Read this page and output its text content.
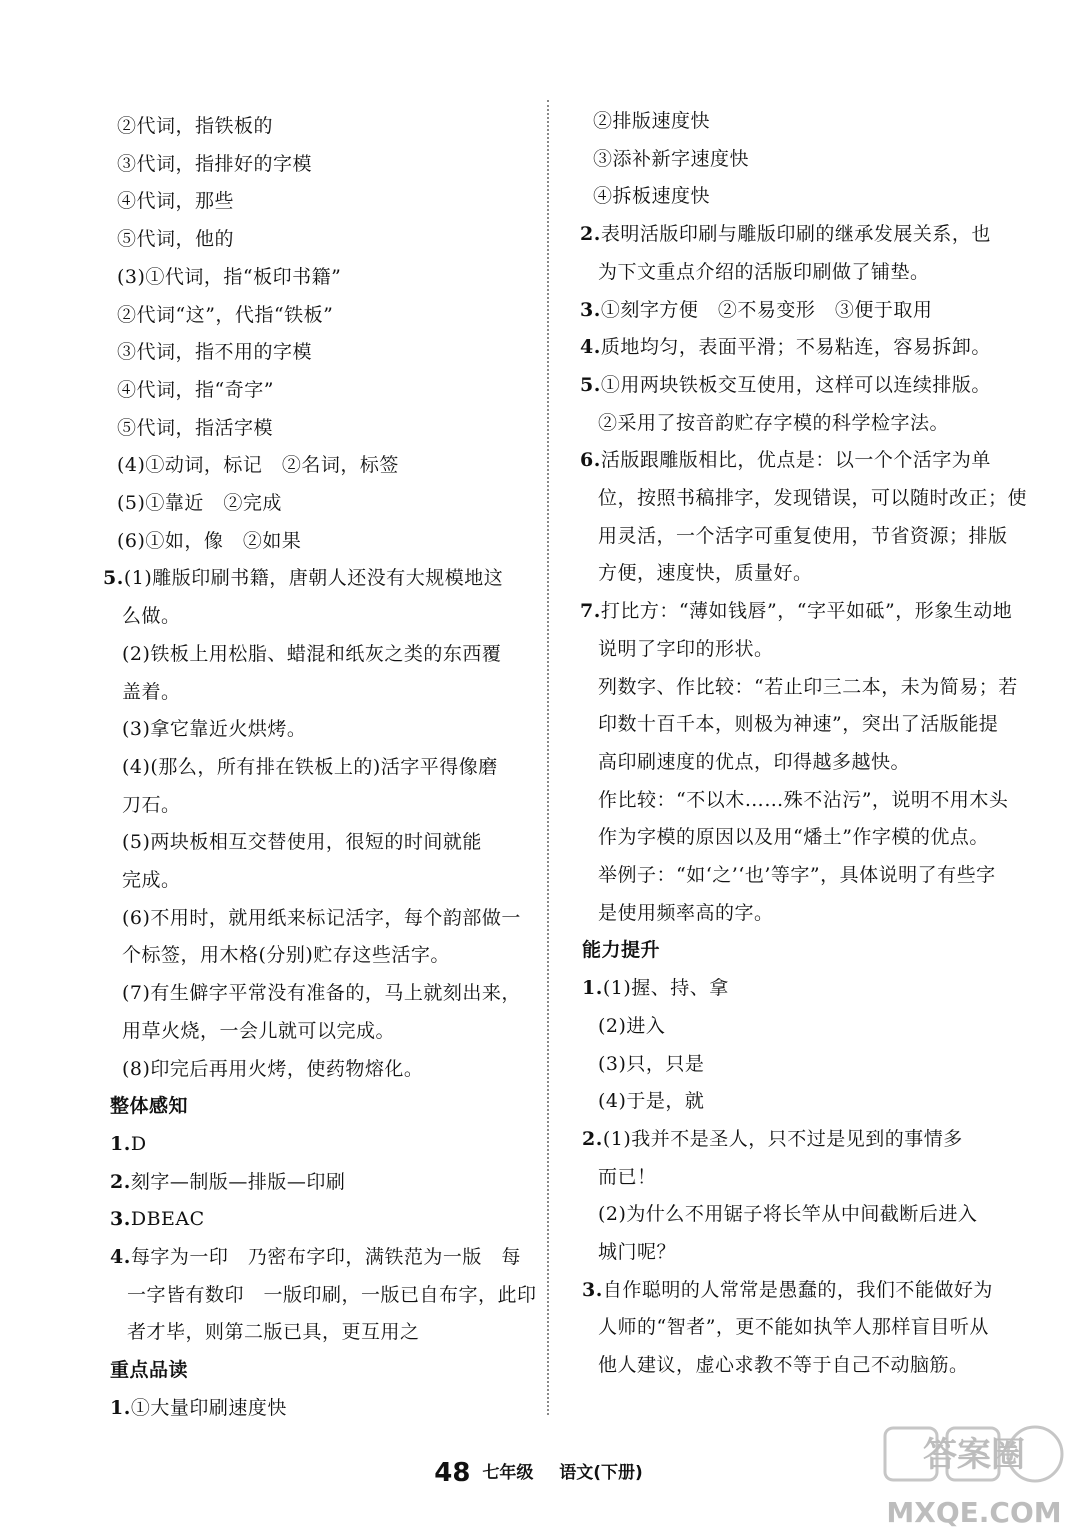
②代词，指铁板的
③代词，指排好的字模
④代词，那些
⑤代词，他的
(3)①代词，指“板印书籍”
②代词“这”，代指“铁板”
③代词，指不用的字模
④代词，指“奇字”
⑤代词，指活字模
(4)①动词，标记　②名词，标签
(5)①靠近　②完成
(6)①如，像　②如果
5.(1)雕版印刷书籍，唐朝人还没有大规模地这
么做。
(2)铁板上用松脂、蜡混和纸灰之类的东西覆
盖着。
(3)拿它靠近火烘烤。
(4)(那么，所有排在铁板上的)活字平得像磨
刀石。
(5)两块板相互交替使用，很短的时间就能
完成。
(6)不用时，就用纸来标记活字，每个韵部做一
个标签，用木格(分别)贮存这些活字。
(7)有生僻字平常没有准备的，马上就刻出来，
用草火烧，一会儿就可以完成。
(8)印完后再用火烤，使药物熔化。
整体感知
1.D
2.刻字—制版—排版—印刷
3.DBEAC
4.每字为一印　乃密布字印，满铁范为一版　每
一字皆有数印　一版印刷，一版已自布字，此印
者才毕，则第二版已具，更互用之
重点品读
1.①大量印刷速度快
②排版速度快
③添补新字速度快
④拆板速度快
2.表明活版印刷与雕版印刷的继承发展关系，也
为下文重点介绍的活版印刷做了铺垫。
3.①刻字方便　②不易变形　③便于取用
4.质地均匀，表面平滑；不易粘连，容易拆卸。
5.①用两块铁板交互使用，这样可以连续排版。
②采用了按音韵贮存字模的科学检字法。
6.活版跟雕版相比，优点是：以一个个活字为单
位，按照书稿排字，发现错误，可以随时改正；使
用灵活，一个活字可重复使用，节省资源；排版
方便，速度快，质量好。
7.打比方：“薄如钱唇”，“字平如砥”，形象生动地
说明了字印的形状。
列数字、作比较：“若止印三二本，未为简易；若
印数十百千本，则极为神速”，突出了活版能提
高印刷速度的优点，印得越多越快。
作比较：“不以木……殊不沾污”，说明不用木头
作为字模的原因以及用“燔土”作字模的优点。
举例子：“如‘之’‘也’等字”，具体说明了有些字
是使用频率高的字。
能力提升
1.(1)握、持、拿
(2)进入
(3)只，只是
(4)于是，就
2.(1)我并不是圣人，只不过是见到的事情多
而已！
(2)为什么不用锯子将长竿从中间截断后进入
城门呢？
3.自作聪明的人常常是愚蠢的，我们不能做好为
人师的“智者”，更不能如执竿人那样盲目听从
他人建议，虚心求教不等于自己不动脑筋。
48 七年级 语文(下册)	答案圈
MXQE.COM
